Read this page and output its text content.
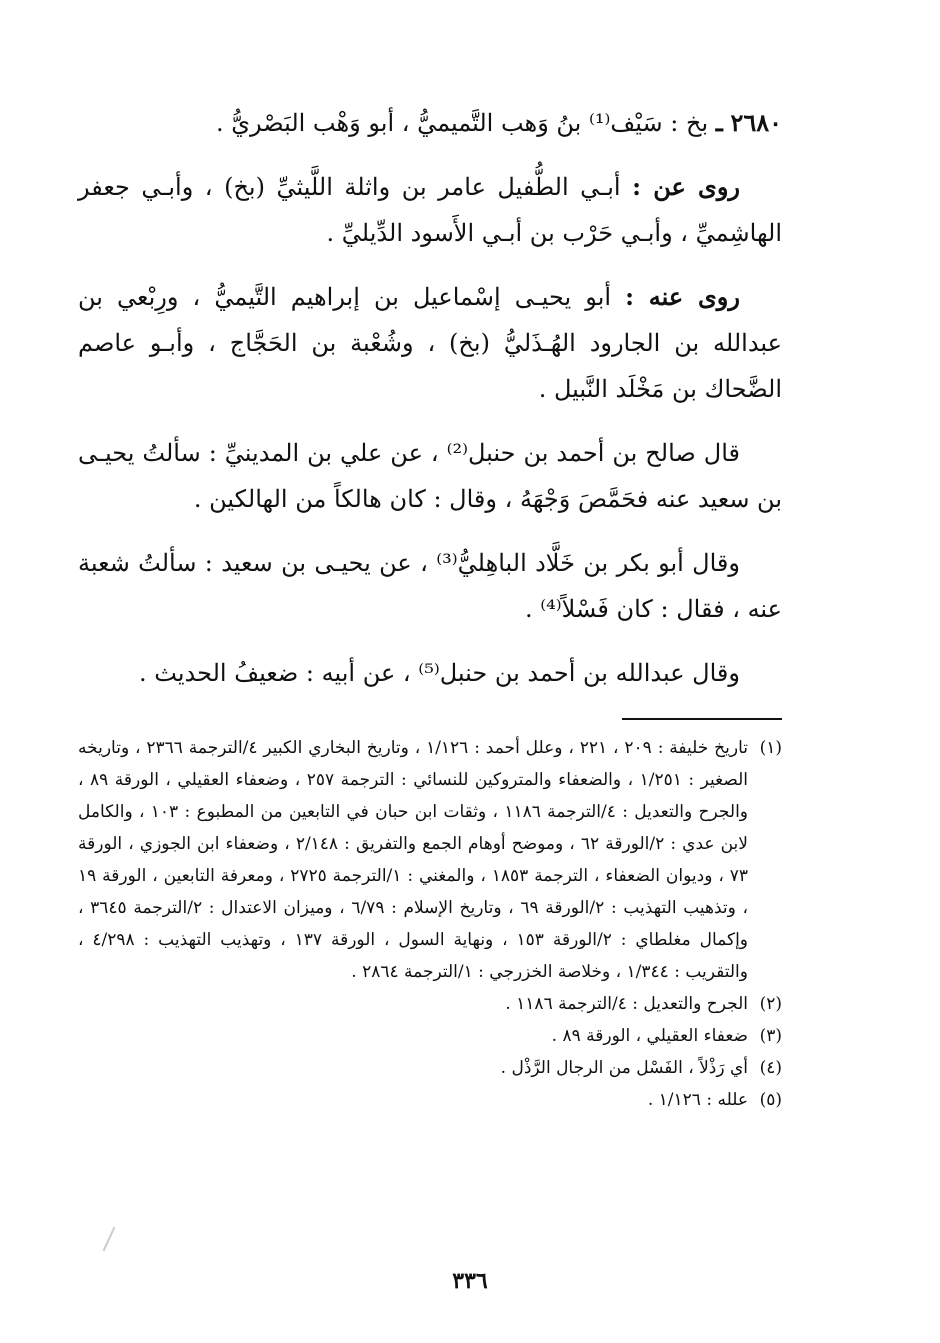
٢٦٨٠ ـ بخ : سَيْف⁽¹⁾ بنُ وَهب التَّميميُّ ، أبو وَهْب البَصْريُّ .

روى عن : أبـي الطُّفيل عامر بن واثلة اللَّيثيِّ (بخ) ، وأبـي جعفر الهاشِميِّ ، وأبـي حَرْب بن أبـي الأَسود الدِّيليِّ .

روى عنه : أبو يحيـى إسْماعيل بن إبراهيم التَّيميُّ ، ورِبْعي بن عبدالله بن الجارود الهُـذَليُّ (بخ) ، وشُعْبة بن الحَجَّاج ، وأبـو عاصم الضَّحاك بن مَخْلَد النَّبيل .

قال صالح بن أحمد بن حنبل⁽²⁾ ، عن علي بن المدينيِّ : سألتُ يحيـى بن سعيد عنه فحَمَّصَ وَجْهَهُ ، وقال : كان هالكاً من الهالكين .

وقال أبو بكر بن خَلَّاد الباهِليُّ⁽³⁾ ، عن يحيـى بن سعيد : سألتُ شعبة عنه ، فقال : كان فَسْلاً⁽⁴⁾ .

وقال عبدالله بن أحمد بن حنبل⁽⁵⁾ ، عن أبيه : ضعيفُ الحديث .

(١)تاريخ خليفة : ٢٠٩ ، ٢٢١ ، وعلل أحمد : ١/١٢٦ ، وتاريخ البخاري الكبير ٤/الترجمة ٢٣٦٦ ، وتاريخه الصغير : ١/٢٥١ ، والضعفاء والمتروكين للنسائي : الترجمة ٢٥٧ ، وضعفاء العقيلي ، الورقة ٨٩ ، والجرح والتعديل : ٤/الترجمة ١١٨٦ ، وثقات ابن حبان في التابعين من المطبوع : ١٠٣ ، والكامل لابن عدي : ٢/الورقة ٦٢ ، وموضح أوهام الجمع والتفريق : ٢/١٤٨ ، وضعفاء ابن الجوزي ، الورقة ٧٣ ، وديوان الضعفاء ، الترجمة ١٨٥٣ ، والمغني : ١/الترجمة ٢٧٢٥ ، ومعرفة التابعين ، الورقة ١٩ ، وتذهيب التهذيب : ٢/الورقة ٦٩ ، وتاريخ الإسلام : ٦/٧٩ ، وميزان الاعتدال : ٢/الترجمة ٣٦٤٥ ، وإكمال مغلطاي : ٢/الورقة ١٥٣ ، ونهاية السول ، الورقة ١٣٧ ، وتهذيب التهذيب : ٤/٢٩٨ ، والتقريب : ١/٣٤٤ ، وخلاصة الخزرجي : ١/الترجمة ٢٨٦٤ .

(٢)الجرح والتعديل : ٤/الترجمة ١١٨٦ .

(٣)ضعفاء العقيلي ، الورقة ٨٩ .

(٤)أي رَذْلاً ، الفَسْل من الرجال الرَّذْل .

(٥)علله : ١/١٢٦ .

٣٣٦
